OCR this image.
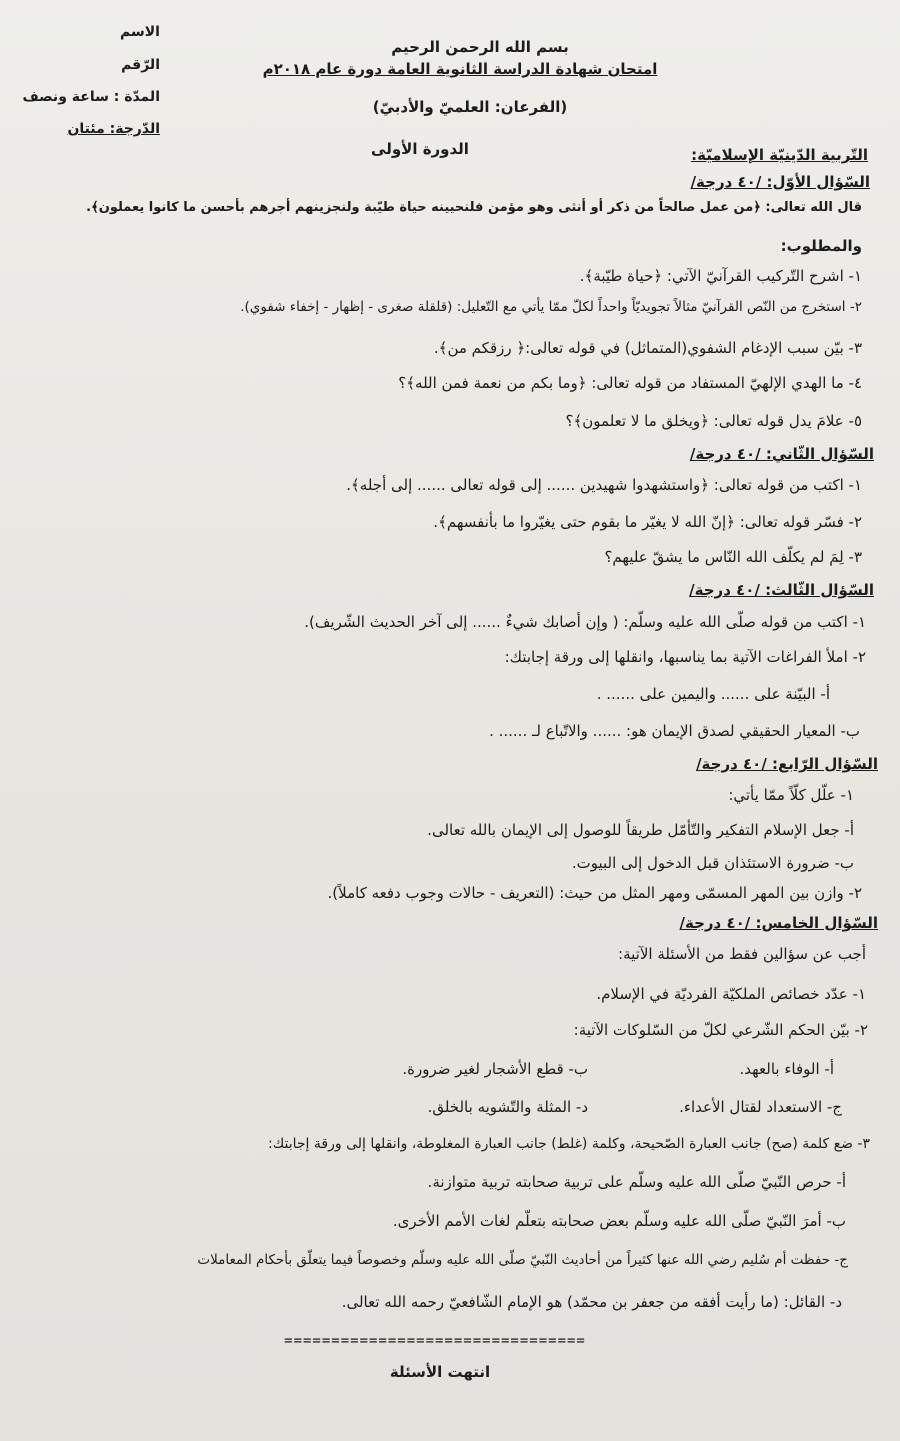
بسم الله الرحمن الرحيم
امتحان شهادة الدراسة الثانوية العامة دورة عام ٢٠١٨م
(الفرعان: العلميّ والأدبيّ)
الدورة الأولى
الاسم
الرّقم
المدّة : ساعة ونصف
الدّرجة: مئتان
التّربية الدّينيّة الإسلاميّة:
السّؤال الأوّل: /٤٠ درجة/
قال الله تعالى: ﴿من عمل صالحاً من ذكر أو أنثى وهو مؤمن فلنحيينه حياة طيّبة ولنجزينهم أجرهم بأحسن ما كانوا يعملون﴾.
والمطلوب:
١- اشرح التّركيب القرآنيّ الآتي: ﴿حياة طيّبة﴾.
٢- استخرج من النّص القرآنيّ مثالاً تجويديّاً واحداً لكلّ ممّا يأتي مع التّعليل: (قلقلة صغرى - إظهار - إخفاء شفوي).
٣- بيّن سبب الإدغام الشفوي(المتماثل) في قوله تعالى:﴿ رزقكم من﴾.
٤- ما الهدي الإلهيّ المستفاد من قوله تعالى: ﴿وما بكم من نعمة فمن الله﴾؟
٥- علامَ يدل قوله تعالى: ﴿ويخلق ما لا تعلمون﴾؟
السّؤال الثّاني: /٤٠ درجة/
١- اكتب من قوله تعالى: ﴿واستشهدوا شهيدين ...... إلى قوله تعالى ...... إلى أجله﴾.
٢- فسّر قوله تعالى: ﴿إنّ الله لا يغيّر ما بقوم حتى يغيّروا ما بأنفسهم﴾.
٣- لِمَ لم يكلّف الله النّاس ما يشقّ عليهم؟
السّؤال الثّالث: /٤٠ درجة/
١- اكتب من قوله صلّى الله عليه وسلّم: ( وإن أصابك شيءٌ ...... إلى آخر الحديث الشّريف).
٢- املأ الفراغات الآتية بما يناسبها، وانقلها إلى ورقة إجابتك:
أ- البيّنة على ...... واليمين على ...... .
ب- المعيار الحقيقي لصدق الإيمان هو: ...... والاتّباع لـ ...... .
السّؤال الرّابع: /٤٠ درجة/
١- علّل كلّاً ممّا يأتي:
أ- جعل الإسلام التفكير والتّأمّل طريقاً للوصول إلى الإيمان بالله تعالى.
ب- ضرورة الاستئذان قبل الدخول إلى البيوت.
٢- وازن بين المهر المسمّى ومهر المثل من حيث: (التعريف - حالات وجوب دفعه كاملاً).
السّؤال الخامس: /٤٠ درجة/
أجب عن سؤالين فقط من الأسئلة الآتية:
١- عدّد خصائص الملكيّة الفرديّة في الإسلام.
٢- بيّن الحكم الشّرعي لكلّ من السّلوكات الآتية:
أ- الوفاء بالعهد.
ب- قطع الأشجار لغير ضرورة.
ج- الاستعداد لقتال الأعداء.
د- المثلة والتّشويه بالخلق.
٣- ضع كلمة (صح) جانب العبارة الصّحيحة، وكلمة (غلط) جانب العبارة المغلوطة، وانقلها إلى ورقة إجابتك:
أ- حرص النّبيّ صلّى الله عليه وسلّم على تربية صحابته تربية متوازنة.
ب- أمرَ النّبيّ صلّى الله عليه وسلّم بعض صحابته بتعلّم لغات الأمم الأخرى.
ج- حفظت أم سُليم رضي الله عنها كثيراً من أحاديث النّبيّ صلّى الله عليه وسلّم وخصوصاً فيما يتعلّق بأحكام المعاملات
د- القائل: (ما رأيت أفقه من جعفر بن محمّد) هو الإمام الشّافعيّ رحمه الله تعالى.
================================
انتهت الأسئلة
